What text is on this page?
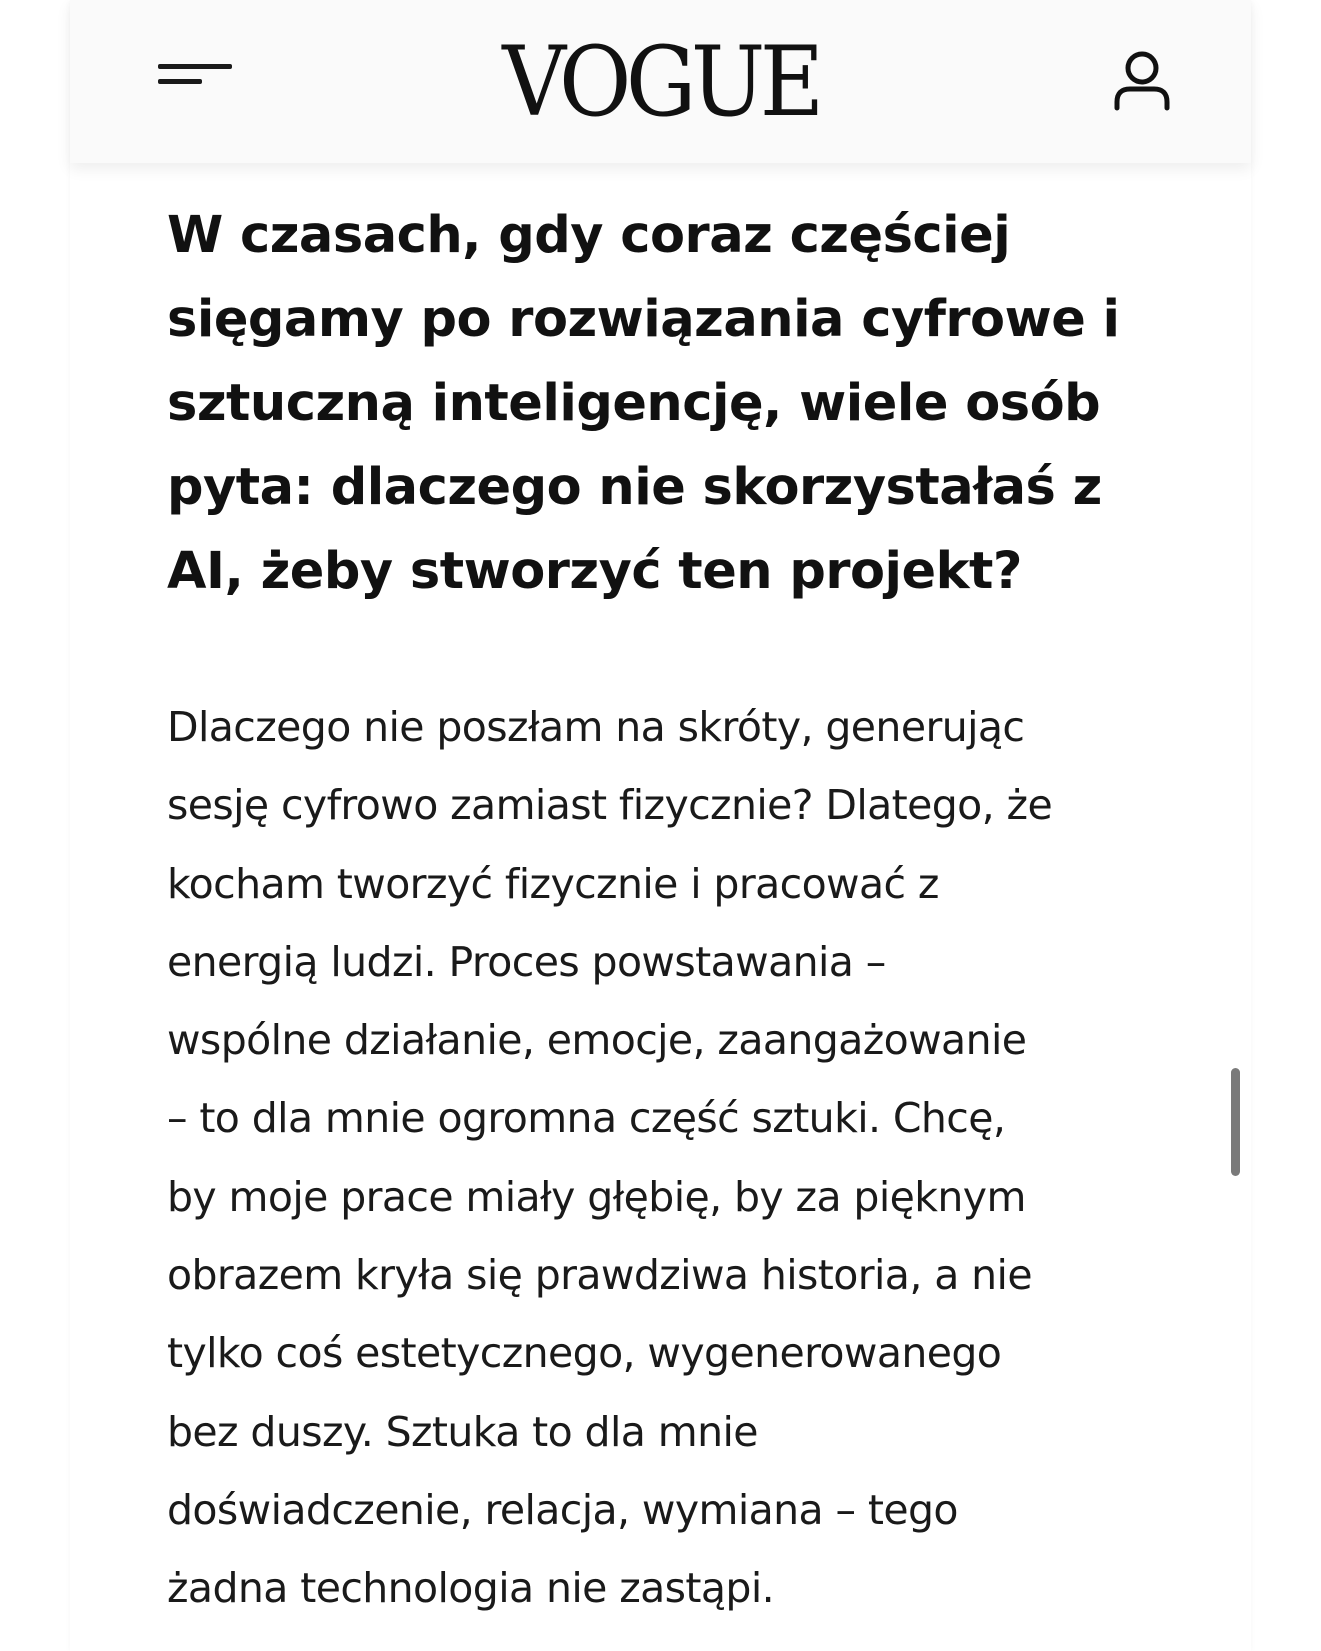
VOGUE
W czasach, gdy coraz częściej
sięgamy po rozwiązania cyfrowe i
sztuczną inteligencję, wiele osób
pyta: dlaczego nie skorzystałaś z
AI, żeby stworzyć ten projekt?

Dlaczego nie poszłam na skróty, generując
sesję cyfrowo zamiast fizycznie? Dlatego, że
kocham tworzyć fizycznie i pracować z
energią ludzi. Proces powstawania –
wspólne działanie, emocje, zaangażowanie
– to dla mnie ogromna część sztuki. Chcę,
by moje prace miały głębię, by za pięknym
obrazem kryła się prawdziwa historia, a nie
tylko coś estetycznego, wygenerowanego
bez duszy. Sztuka to dla mnie
doświadczenie, relacja, wymiana – tego
żadna technologia nie zastąpi.
